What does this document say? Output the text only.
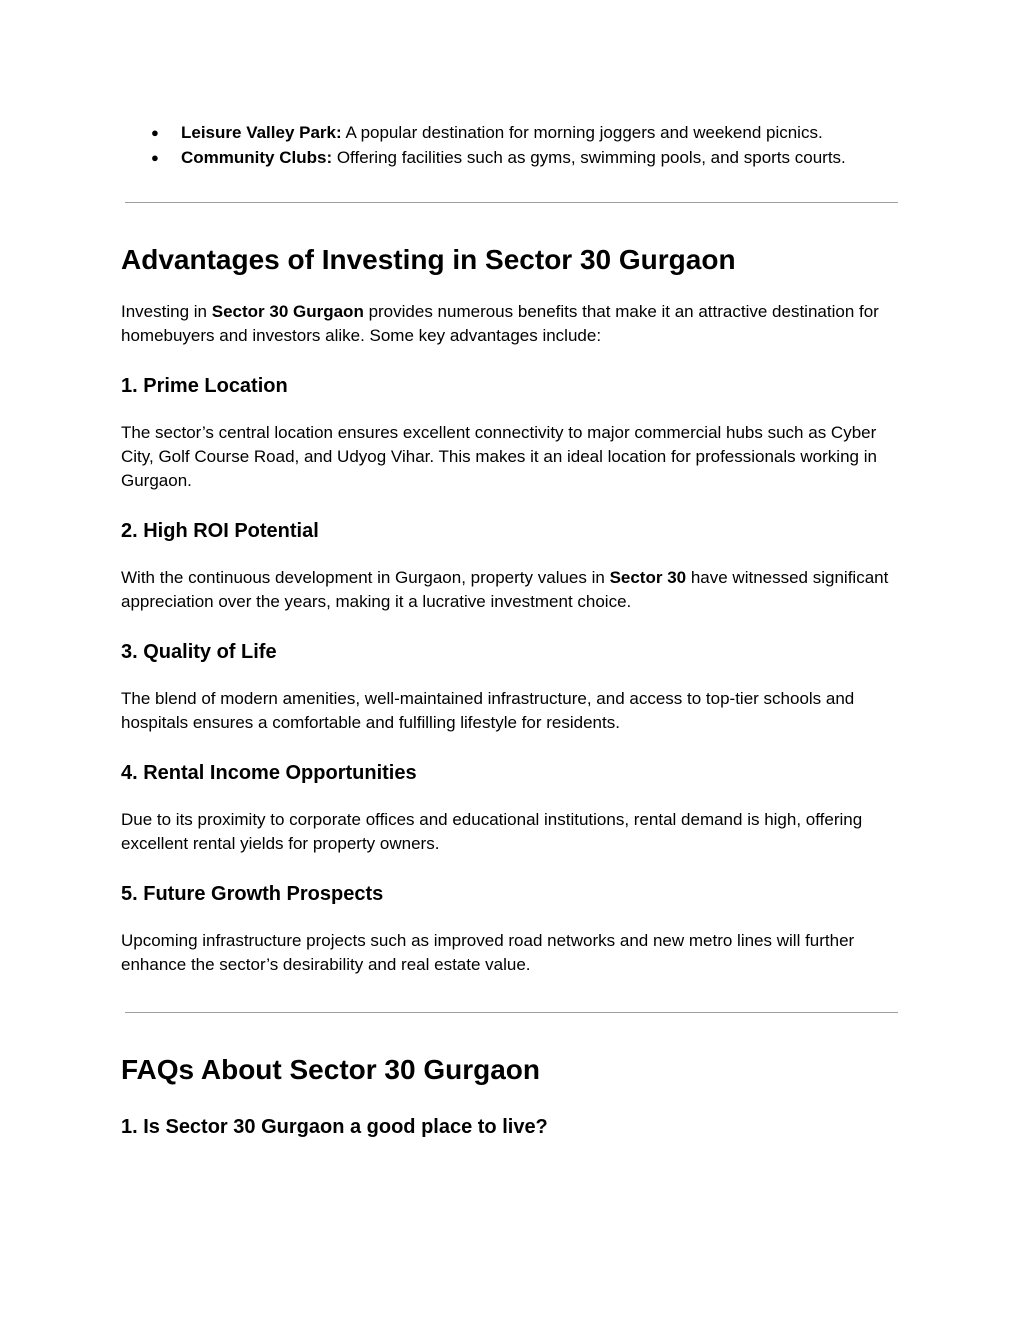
● Leisure Valley Park: A popular destination for morning joggers and weekend picnics.
● Community Clubs: Offering facilities such as gyms, swimming pools, and sports courts.
Advantages of Investing in Sector 30 Gurgaon

Investing in Sector 30 Gurgaon provides numerous benefits that make it an attractive destination for homebuyers and investors alike. Some key advantages include:

1. Prime Location

The sector’s central location ensures excellent connectivity to major commercial hubs such as Cyber City, Golf Course Road, and Udyog Vihar. This makes it an ideal location for professionals working in Gurgaon.

2. High ROI Potential

With the continuous development in Gurgaon, property values in Sector 30 have witnessed significant appreciation over the years, making it a lucrative investment choice.

3. Quality of Life

The blend of modern amenities, well-maintained infrastructure, and access to top-tier schools and hospitals ensures a comfortable and fulfilling lifestyle for residents.

4. Rental Income Opportunities

Due to its proximity to corporate offices and educational institutions, rental demand is high, offering excellent rental yields for property owners.

5. Future Growth Prospects

Upcoming infrastructure projects such as improved road networks and new metro lines will further enhance the sector’s desirability and real estate value.

FAQs About Sector 30 Gurgaon
1. Is Sector 30 Gurgaon a good place to live?
